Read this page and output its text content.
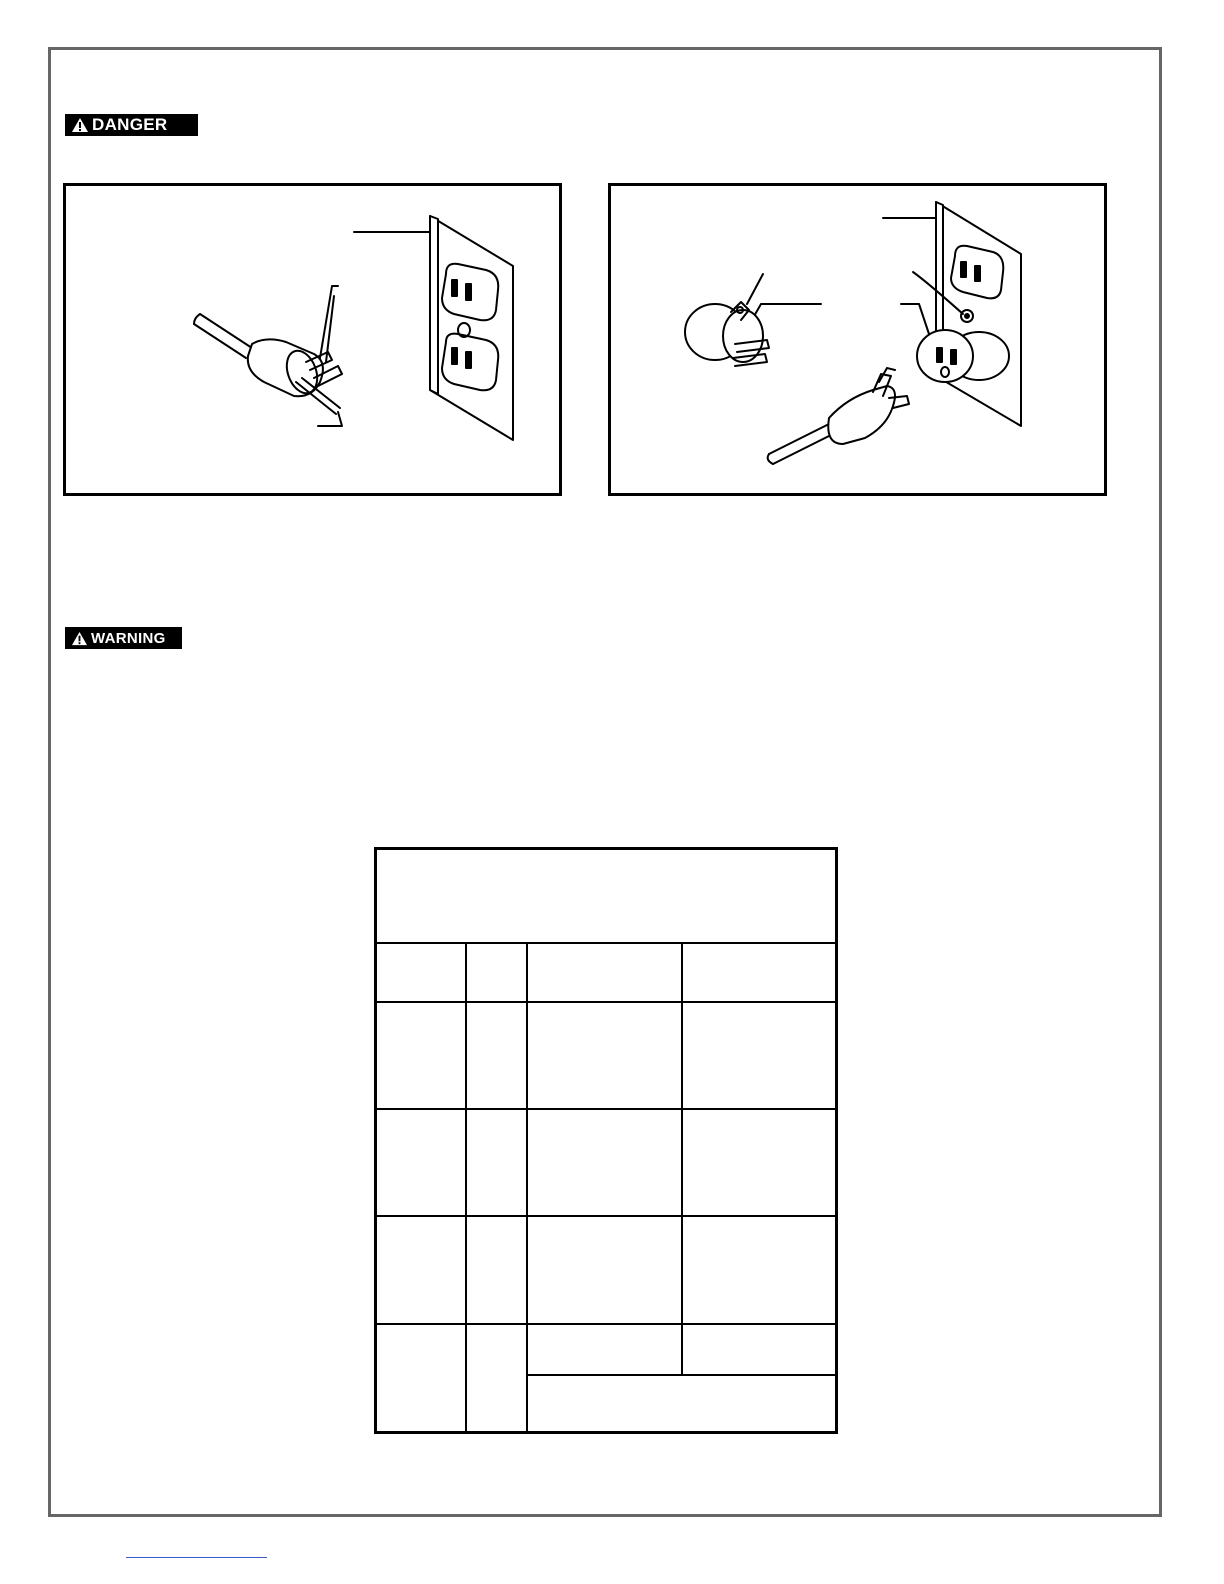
DANGER
WARNING
